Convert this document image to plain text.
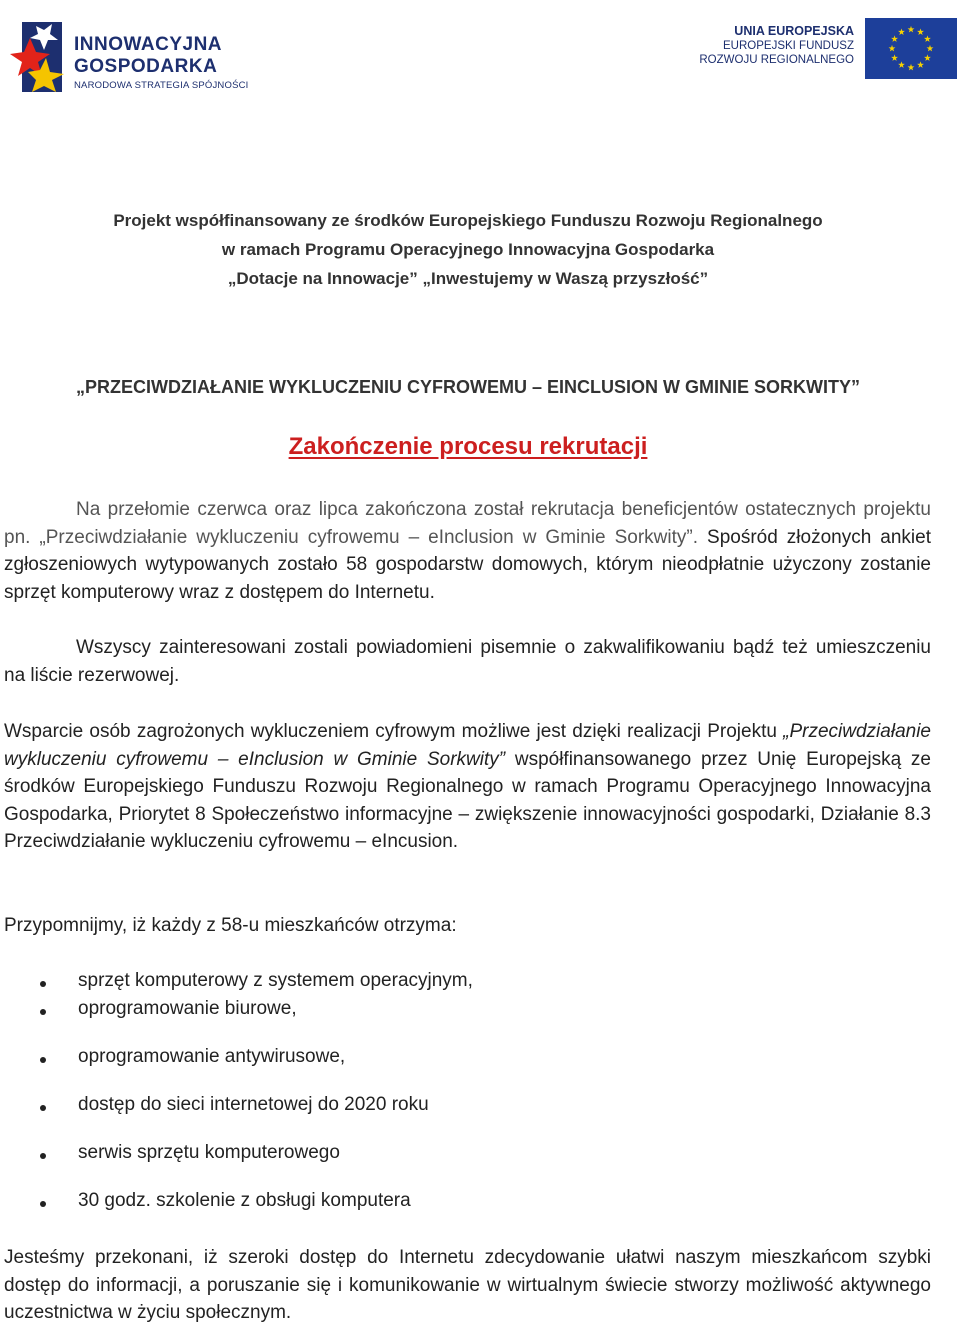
INNOWACYJNA
GOSPODARKA
NARODOWA STRATEGIA SPÓJNOŚCI
UNIA EUROPEJSKA
EUROPEJSKI FUNDUSZ
ROZWOJU REGIONALNEGO
Projekt współfinansowany ze środków Europejskiego Funduszu Rozwoju Regionalnego
w ramach Programu Operacyjnego Innowacyjna Gospodarka
„Dotacje na Innowacje” „Inwestujemy w Waszą przyszłość”
„PRZECIWDZIAŁANIE WYKLUCZENIU CYFROWEMU – EINCLUSION W GMINIE SORKWITY”
Zakończenie procesu rekrutacji

Na przełomie czerwca oraz lipca zakończona został rekrutacja beneficjentów ostatecznych projektu pn. „Przeciwdziałanie wykluczeniu cyfrowemu – eInclusion w Gminie Sorkwity”. Spośród złożonych ankiet zgłoszeniowych wytypowanych zostało 58 gospodarstw domowych, którym nieodpłatnie użyczony zostanie sprzęt komputerowy wraz z dostępem do Internetu.

Wszyscy zainteresowani zostali powiadomieni pisemnie o zakwalifikowaniu bądź też umieszczeniu na liście rezerwowej.

Wsparcie osób zagrożonych wykluczeniem cyfrowym możliwe jest dzięki realizacji Projektu „Przeciwdziałanie wykluczeniu cyfrowemu – eInclusion w Gminie Sorkwity” współfinansowanego przez Unię Europejską ze środków Europejskiego Funduszu Rozwoju Regionalnego w ramach Programu Operacyjnego Innowacyjna Gospodarka, Priorytet 8 Społeczeństwo informacyjne – zwiększenie innowacyjności gospodarki, Działanie 8.3 Przeciwdziałanie wykluczeniu cyfrowemu – eIncusion.

Przypomnijmy, iż każdy z 58-u mieszkańców otrzyma:

sprzęt komputerowy z systemem operacyjnym,
oprogramowanie biurowe,
oprogramowanie antywirusowe,
dostęp do sieci internetowej do 2020 roku
serwis sprzętu komputerowego
30 godz. szkolenie z obsługi komputera

Jesteśmy przekonani, iż szeroki dostęp do Internetu zdecydowanie ułatwi naszym mieszkańcom szybki dostęp do informacji, a poruszanie się i komunikowanie w wirtualnym świecie stworzy możliwość aktywnego uczestnictwa w życiu społecznym.
